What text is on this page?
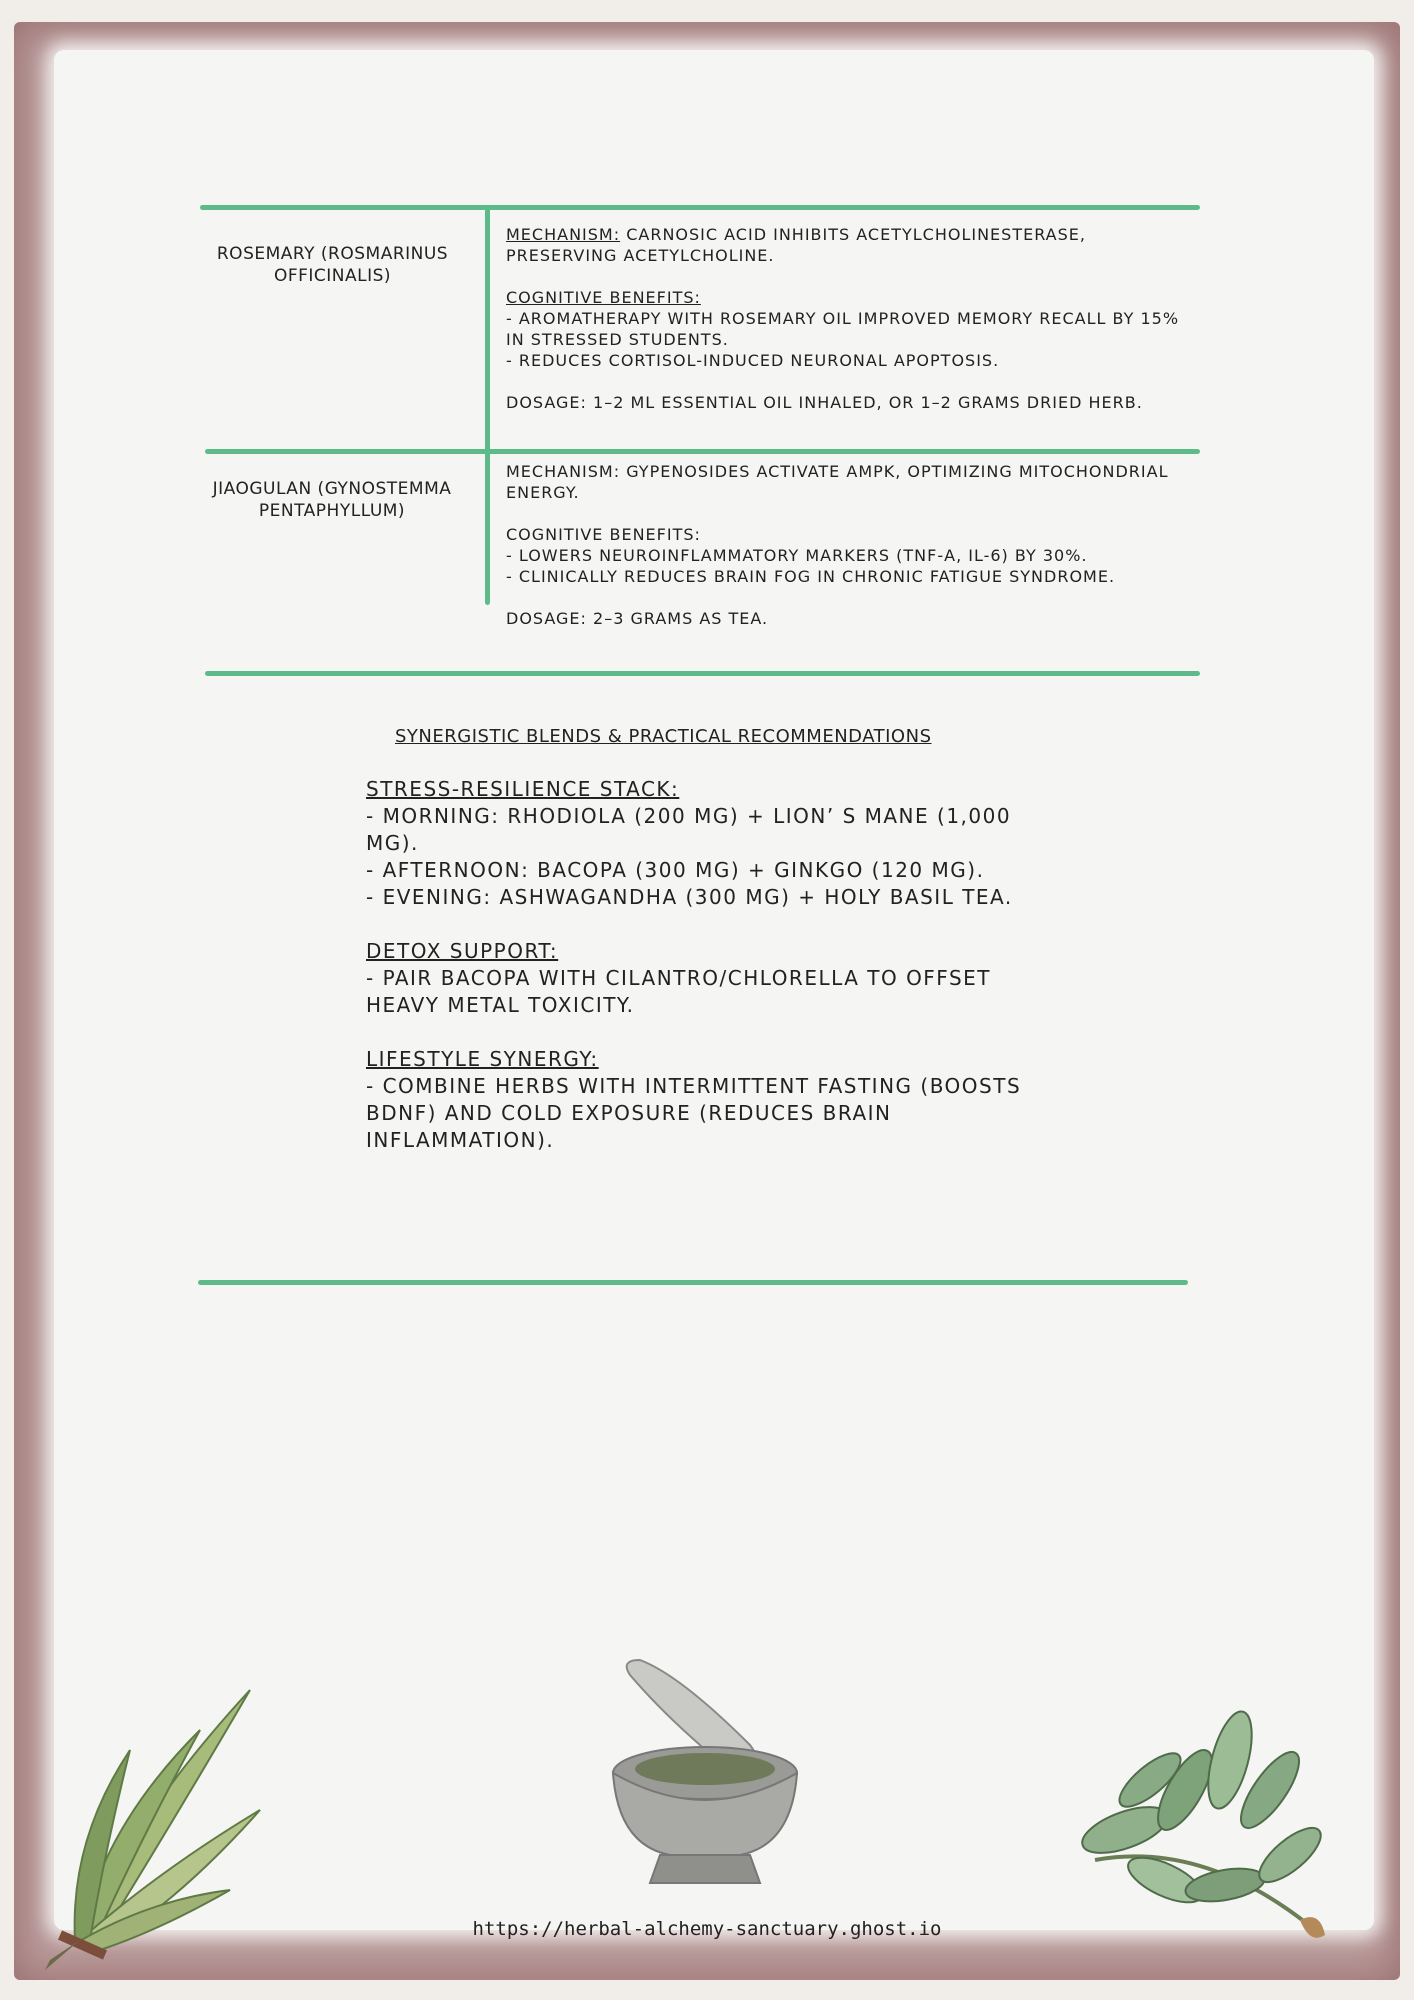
ROSEMARY (ROSMARINUS OFFICINALIS)
MECHANISM: CARNOSIC ACID INHIBITS ACETYLCHOLINESTERASE, PRESERVING ACETYLCHOLINE.
COGNITIVE BENEFITS:
- AROMATHERAPY WITH ROSEMARY OIL IMPROVED MEMORY RECALL BY 15% IN STRESSED STUDENTS.
- REDUCES CORTISOL-INDUCED NEURONAL APOPTOSIS.
DOSAGE: 1–2 ML ESSENTIAL OIL INHALED, OR 1–2 GRAMS DRIED HERB.
JIAOGULAN (GYNOSTEMMA PENTAPHYLLUM)
MECHANISM: GYPENOSIDES ACTIVATE AMPK, OPTIMIZING MITOCHONDRIAL ENERGY.
COGNITIVE BENEFITS:
- LOWERS NEUROINFLAMMATORY MARKERS (TNF-Α, IL-6) BY 30%.
- CLINICALLY REDUCES BRAIN FOG IN CHRONIC FATIGUE SYNDROME.
DOSAGE: 2–3 GRAMS AS TEA.
SYNERGISTIC BLENDS & PRACTICAL RECOMMENDATIONS
STRESS-RESILIENCE STACK:
- MORNING: RHODIOLA (200 MG) + LION’ S MANE (1,000 MG).
- AFTERNOON: BACOPA (300 MG) + GINKGO (120 MG).
- EVENING: ASHWAGANDHA (300 MG) + HOLY BASIL TEA.
DETOX SUPPORT:
- PAIR BACOPA WITH CILANTRO/CHLORELLA TO OFFSET HEAVY METAL TOXICITY.
LIFESTYLE SYNERGY:
- COMBINE HERBS WITH INTERMITTENT FASTING (BOOSTS BDNF) AND COLD EXPOSURE (REDUCES BRAIN INFLAMMATION).
https://herbal-alchemy-sanctuary.ghost.io
